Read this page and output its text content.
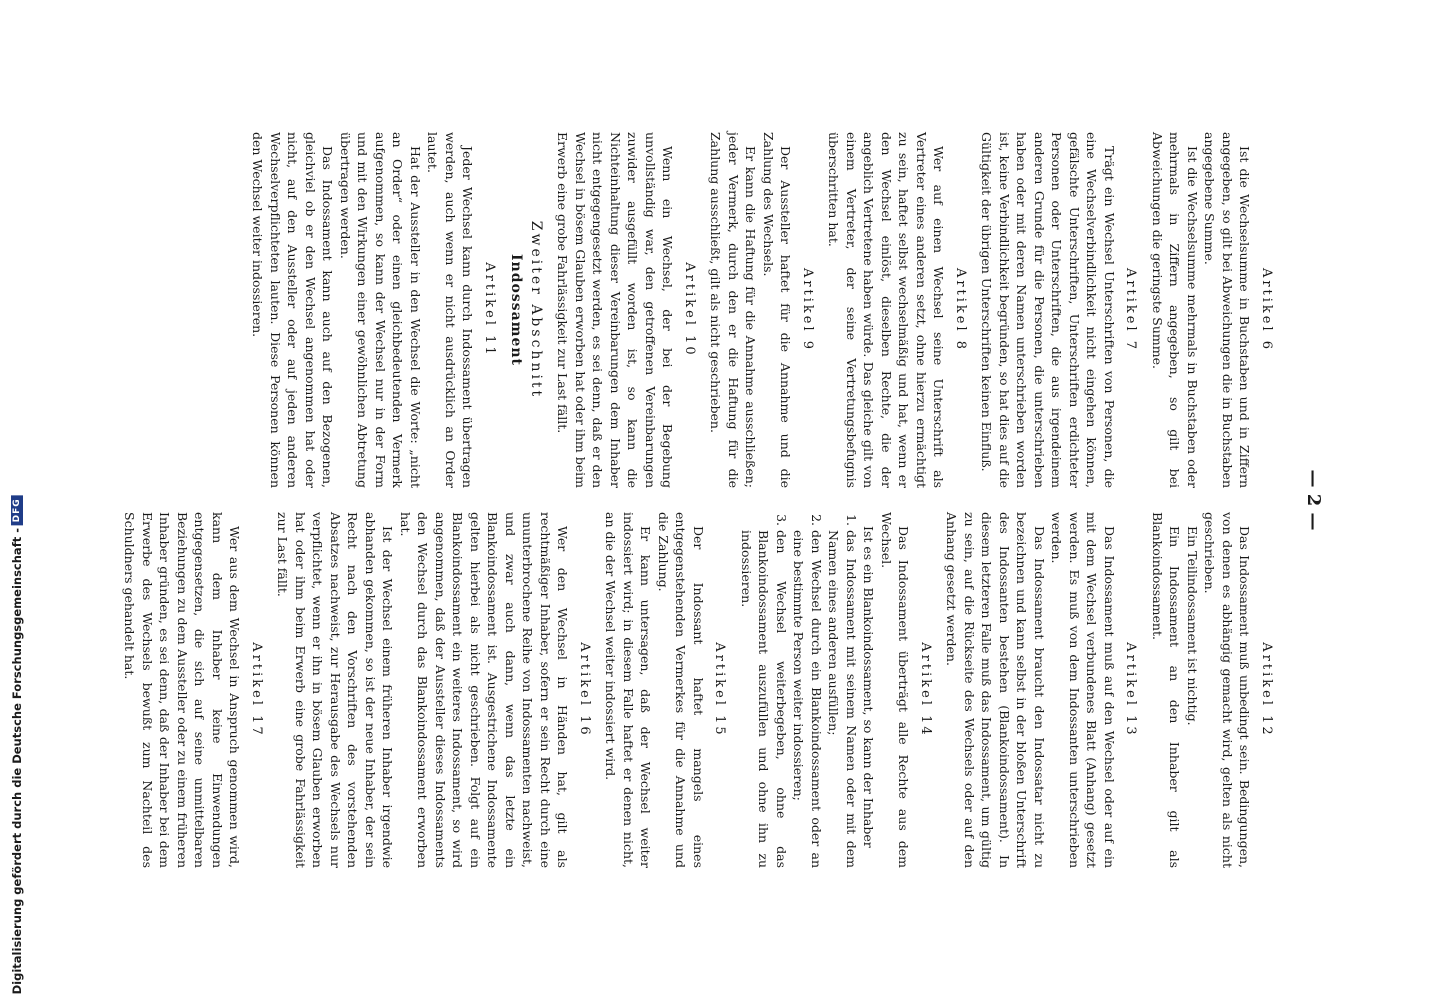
Digitalisierung gefördert durch die Deutsche Forschungsgemeinschaft -
DFG	— 2 —
Artikel 6

Ist die Wechselsumme in Buchstaben und in Ziffern angegeben, so gilt bei Abweichungen die in Buchstaben angegebene Summe.

Ist die Wechselsumme mehrmals in Buchstaben oder mehrmals in Ziffern angegeben, so gilt bei Abweichungen die geringste Summe.

Artikel 7

Trägt ein Wechsel Unterschriften von Personen, die eine Wechselverbindlichkeit nicht eingehen können, gefälschte Unterschriften, Unterschriften erdichteter Personen oder Unterschriften, die aus irgendeinem anderen Grunde für die Personen, die unterschrieben haben oder mit deren Namen unterschrieben worden ist, keine Verbindlichkeit begründen, so hat dies auf die Gültigkeit der übrigen Unterschriften keinen Einfluß.

Artikel 8

Wer auf einen Wechsel seine Unterschrift als Vertreter eines anderen setzt, ohne hierzu ermächtigt zu sein, haftet selbst wechselmäßig und hat, wenn er den Wechsel einlöst, dieselben Rechte, die der angeblich Vertretene haben würde. Das gleiche gilt von einem Vertreter, der seine Vertretungsbefugnis überschritten hat.

Artikel 9

Der Aussteller haftet für die Annahme und die Zahlung des Wechsels.

Er kann die Haftung für die Annahme ausschließen; jeder Vermerk, durch den er die Haftung für die Zahlung ausschließt, gilt als nicht geschrieben.

Artikel 10

Wenn ein Wechsel, der bei der Begebung unvollständig war, den getroffenen Vereinbarungen zuwider ausgefüllt worden ist, so kann die Nichteinhaltung dieser Vereinbarungen dem Inhaber nicht entgegengesetzt werden, es sei denn, daß er den Wechsel in bösem Glauben erworben hat oder ihm beim Erwerb eine grobe Fahrlässigkeit zur Last fällt.

Zweiter Abschnitt
Indossament
Artikel 11

Jeder Wechsel kann durch Indossament übertragen werden, auch wenn er nicht ausdrücklich an Order lautet.

Hat der Aussteller in den Wechsel die Worte: „nicht an Order“ oder einen gleichbedeutenden Vermerk aufgenommen, so kann der Wechsel nur in der Form und mit den Wirkungen einer gewöhnlichen Abtretung übertragen werden.

Das Indossament kann auch auf den Bezogenen, gleichviel ob er den Wechsel angenommen hat oder nicht, auf den Aussteller oder auf jeden anderen Wechselverpflichteten lauten. Diese Personen können den Wechsel weiter indossieren.

Artikel 12

Das Indossament muß unbedingt sein. Bedingungen, von denen es abhängig gemacht wird, gelten als nicht geschrieben.

Ein Teilindossament ist nichtig.

Ein Indossament an den Inhaber gilt als Blankoindossament.

Artikel 13

Das Indossament muß auf den Wechsel oder auf ein mit dem Wechsel verbundenes Blatt (Anhang) gesetzt werden. Es muß von dem Indossanten unterschrieben werden.

Das Indossament braucht den Indossatar nicht zu bezeichnen und kann selbst in der bloßen Unterschrift des Indossanten bestehen (Blankoindossament). In diesem letzteren Falle muß das Indossament, um gültig zu sein, auf die Rückseite des Wechsels oder auf den Anhang gesetzt werden.

Artikel 14

Das Indossament überträgt alle Rechte aus dem Wechsel.

Ist es ein Blankoindossament, so kann der Inhaber

1. das Indossament mit seinem Namen oder mit dem Namen eines anderen ausfüllen;
2. den Wechsel durch ein Blankoindossament oder an eine bestimmte Person weiter indossieren;
3. den Wechsel weiterbegeben, ohne das Blankoindossament auszufüllen und ohne ihn zu indossieren.
Artikel 15

Der Indossant haftet mangels eines entgegenstehenden Vermerkes für die Annahme und die Zahlung.

Er kann untersagen, daß der Wechsel weiter indossiert wird; in diesem Falle haftet er denen nicht, an die der Wechsel weiter indossiert wird.

Artikel 16

Wer den Wechsel in Händen hat, gilt als rechtmäßiger Inhaber, sofern er sein Recht durch eine ununterbrochene Reihe von Indossamenten nachweist, und zwar auch dann, wenn das letzte ein Blankoindossament ist. Ausgestrichene Indossamente gelten hierbei als nicht geschrieben. Folgt auf ein Blankoindossament ein weiteres Indossament, so wird angenommen, daß der Aussteller dieses Indossaments den Wechsel durch das Blankoindossament erworben hat.

Ist der Wechsel einem früheren Inhaber irgendwie abhanden gekommen, so ist der neue Inhaber, der sein Recht nach den Vorschriften des vorstehenden Absatzes nachweist, zur Herausgabe des Wechsels nur verpflichtet, wenn er ihn in bösem Glauben erworben hat oder ihm beim Erwerb eine grobe Fahrlässigkeit zur Last fällt.

Artikel 17

Wer aus dem Wechsel in Anspruch genommen wird, kann dem Inhaber keine Einwendungen entgegensetzen, die sich auf seine unmittelbaren Beziehungen zu dem Aussteller oder zu einem früheren Inhaber gründen, es sei denn, daß der Inhaber bei dem Erwerbe des Wechsels bewußt zum Nachteil des Schuldners gehandelt hat.
